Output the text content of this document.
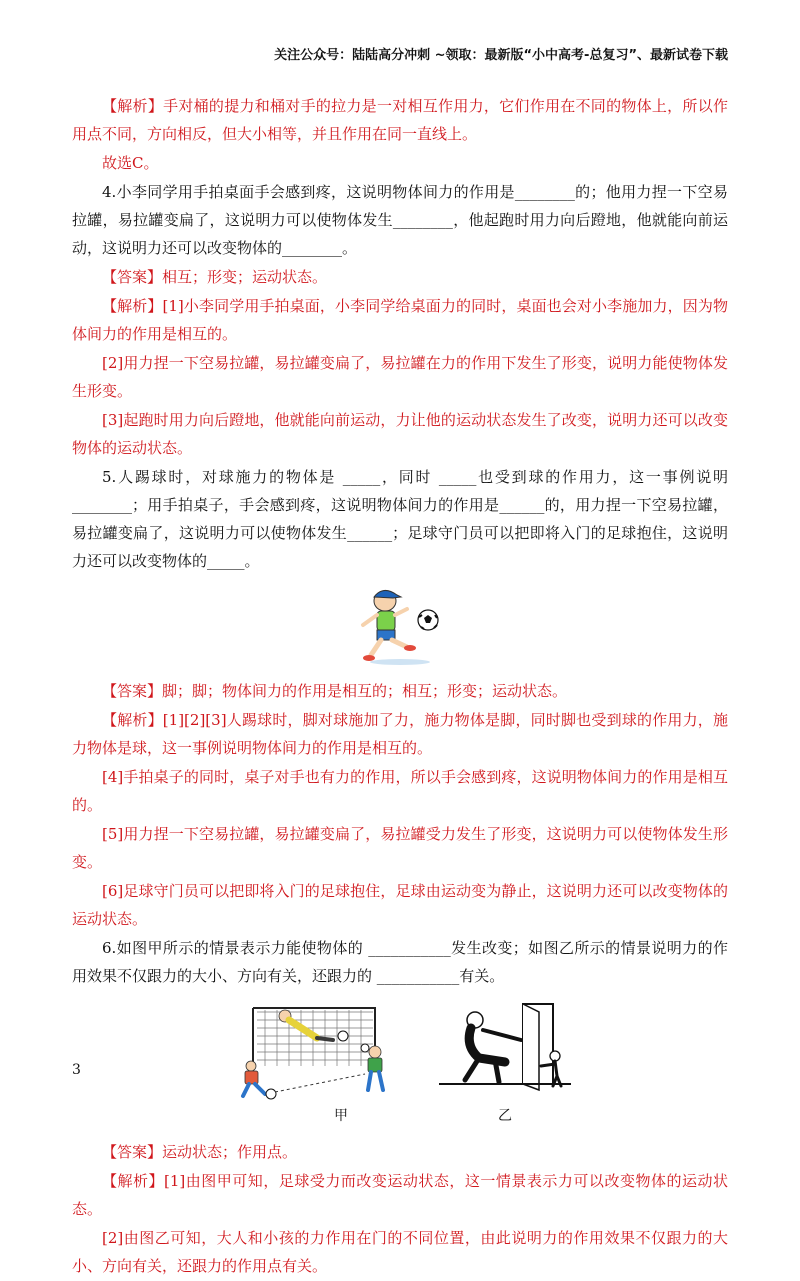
关注公众号：陆陆高分冲刺 ~领取：最新版“小中高考-总复习”、最新试卷下载

【解析】手对桶的提力和桶对手的拉力是一对相互作用力，它们作用在不同的物体上，所以作用点不同，方向相反，但大小相等，并且作用在同一直线上。

故选C。

4.小李同学用手拍桌面手会感到疼，这说明物体间力的作用是________的；他用力捏一下空易拉罐，易拉罐变扁了，这说明力可以使物体发生________，他起跑时用力向后蹬地，他就能向前运动，这说明力还可以改变物体的________。

【答案】相互；形变；运动状态。

【解析】[1]小李同学用手拍桌面，小李同学给桌面力的同时，桌面也会对小李施加力，因为物体间力的作用是相互的。

[2]用力捏一下空易拉罐，易拉罐变扁了，易拉罐在力的作用下发生了形变，说明力能使物体发生形变。

[3]起跑时用力向后蹬地，他就能向前运动，力让他的运动状态发生了改变，说明力还可以改变物体的运动状态。

5.人踢球时，对球施力的物体是 _____，同时 _____也受到球的作用力，这一事例说明 ________；用手拍桌子，手会感到疼，这说明物体间力的作用是______的，用力捏一下空易拉罐，易拉罐变扁了，这说明力可以使物体发生______；足球守门员可以把即将入门的足球抱住，这说明力还可以改变物体的_____。

【答案】脚；脚；物体间力的作用是相互的；相互；形变；运动状态。

【解析】[1][2][3]人踢球时，脚对球施加了力，施力物体是脚，同时脚也受到球的作用力，施力物体是球，这一事例说明物体间力的作用是相互的。

[4]手拍桌子的同时，桌子对手也有力的作用，所以手会感到疼，这说明物体间力的作用是相互的。

[5]用力捏一下空易拉罐，易拉罐变扁了，易拉罐受力发生了形变，这说明力可以使物体发生形变。

[6]足球守门员可以把即将入门的足球抱住，足球由运动变为静止，这说明力还可以改变物体的运动状态。

6.如图甲所示的情景表示力能使物体的 ___________发生改变；如图乙所示的情景说明力的作用效果不仅跟力的大小、方向有关，还跟力的 ___________有关。

甲	乙

【答案】运动状态；作用点。

【解析】[1]由图甲可知，足球受力而改变运动状态，这一情景表示力可以改变物体的运动状态。

[2]由图乙可知，大人和小孩的力作用在门的不同位置，由此说明力的作用效果不仅跟力的大小、方向有关，还跟力的作用点有关。

3
